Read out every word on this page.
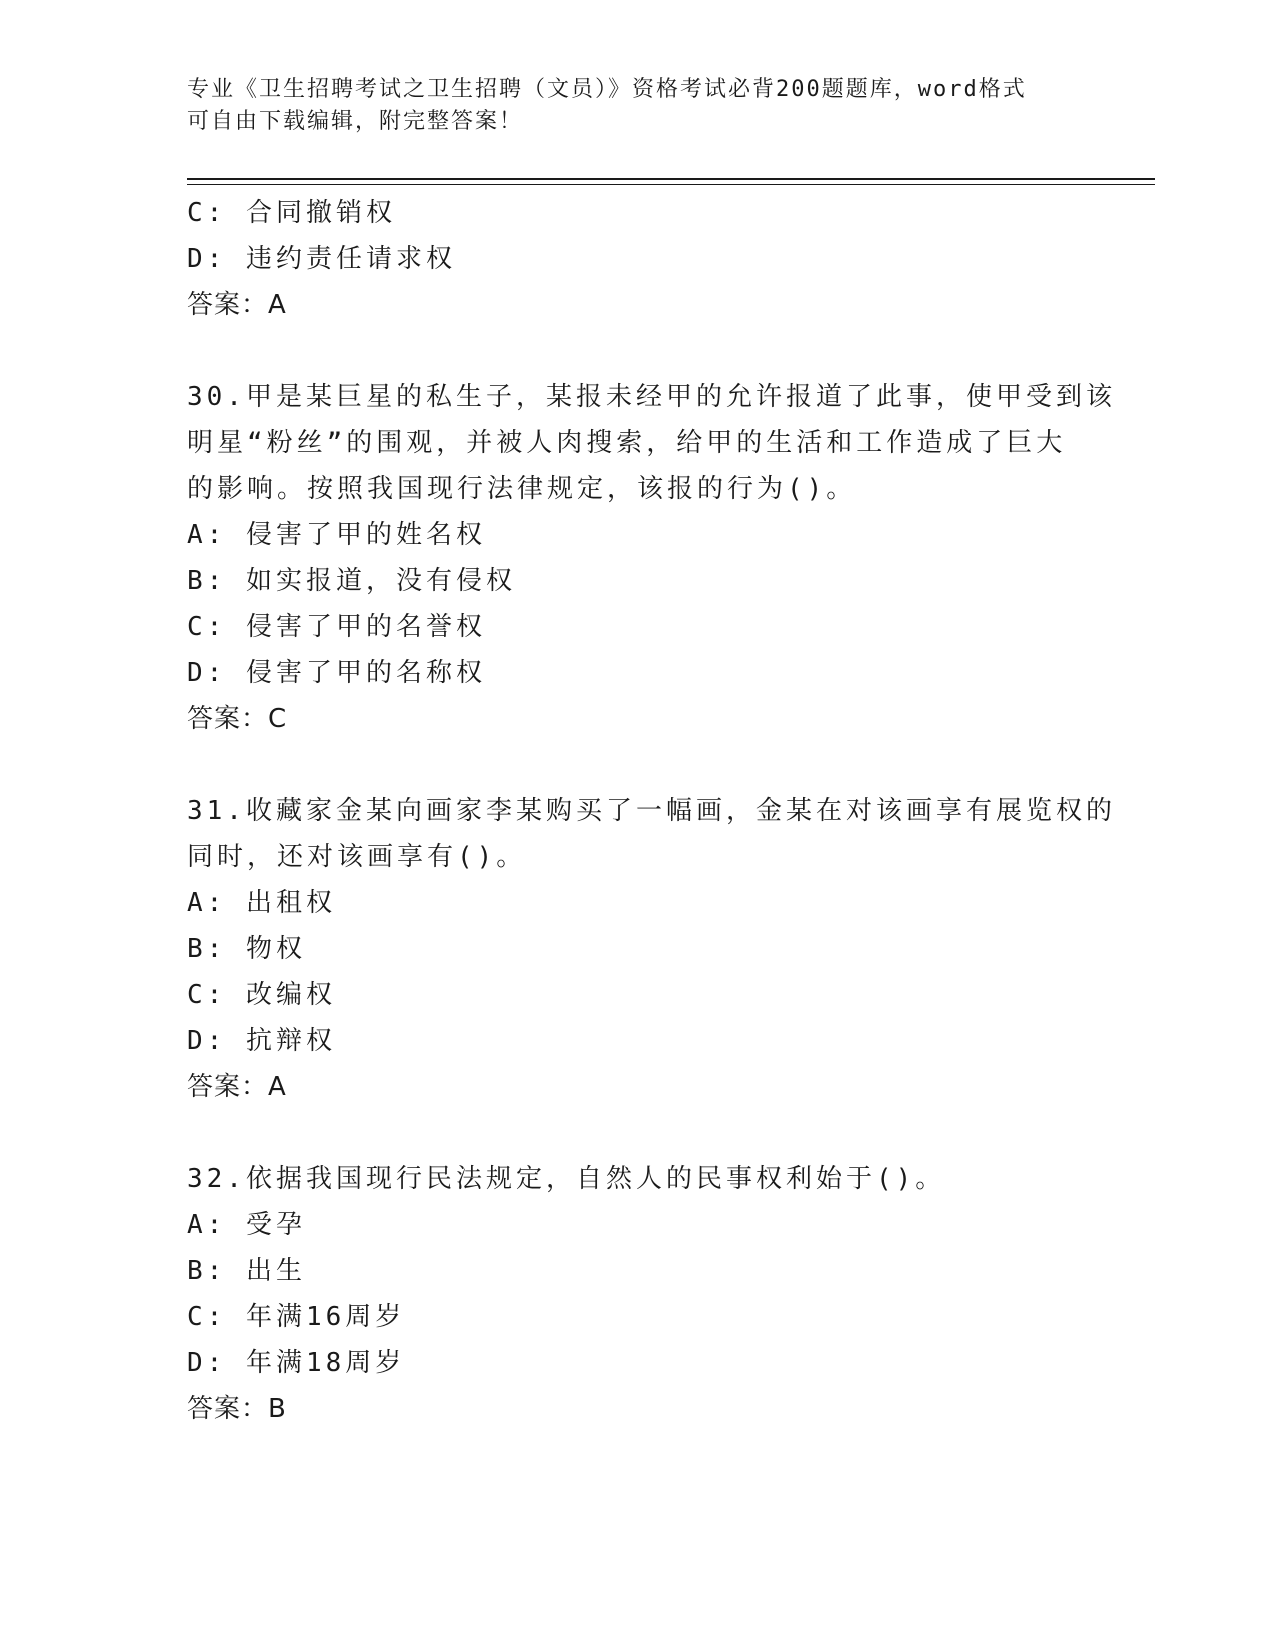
专业《卫生招聘考试之卫生招聘（文员）》资格考试必背200题题库，word格式
可自由下载编辑，附完整答案！
C: 合同撤销权
D: 违约责任请求权
答案：A
30.甲是某巨星的私生子，某报未经甲的允许报道了此事，使甲受到该
明星“粉丝”的围观，并被人肉搜索，给甲的生活和工作造成了巨大
的影响。按照我国现行法律规定，该报的行为()。
A: 侵害了甲的姓名权
B: 如实报道，没有侵权
C: 侵害了甲的名誉权
D: 侵害了甲的名称权
答案：C
31.收藏家金某向画家李某购买了一幅画，金某在对该画享有展览权的
同时，还对该画享有()。
A: 出租权
B: 物权
C: 改编权
D: 抗辩权
答案：A
32.依据我国现行民法规定，自然人的民事权利始于()。
A: 受孕
B: 出生
C: 年满16周岁
D: 年满18周岁
答案：B
